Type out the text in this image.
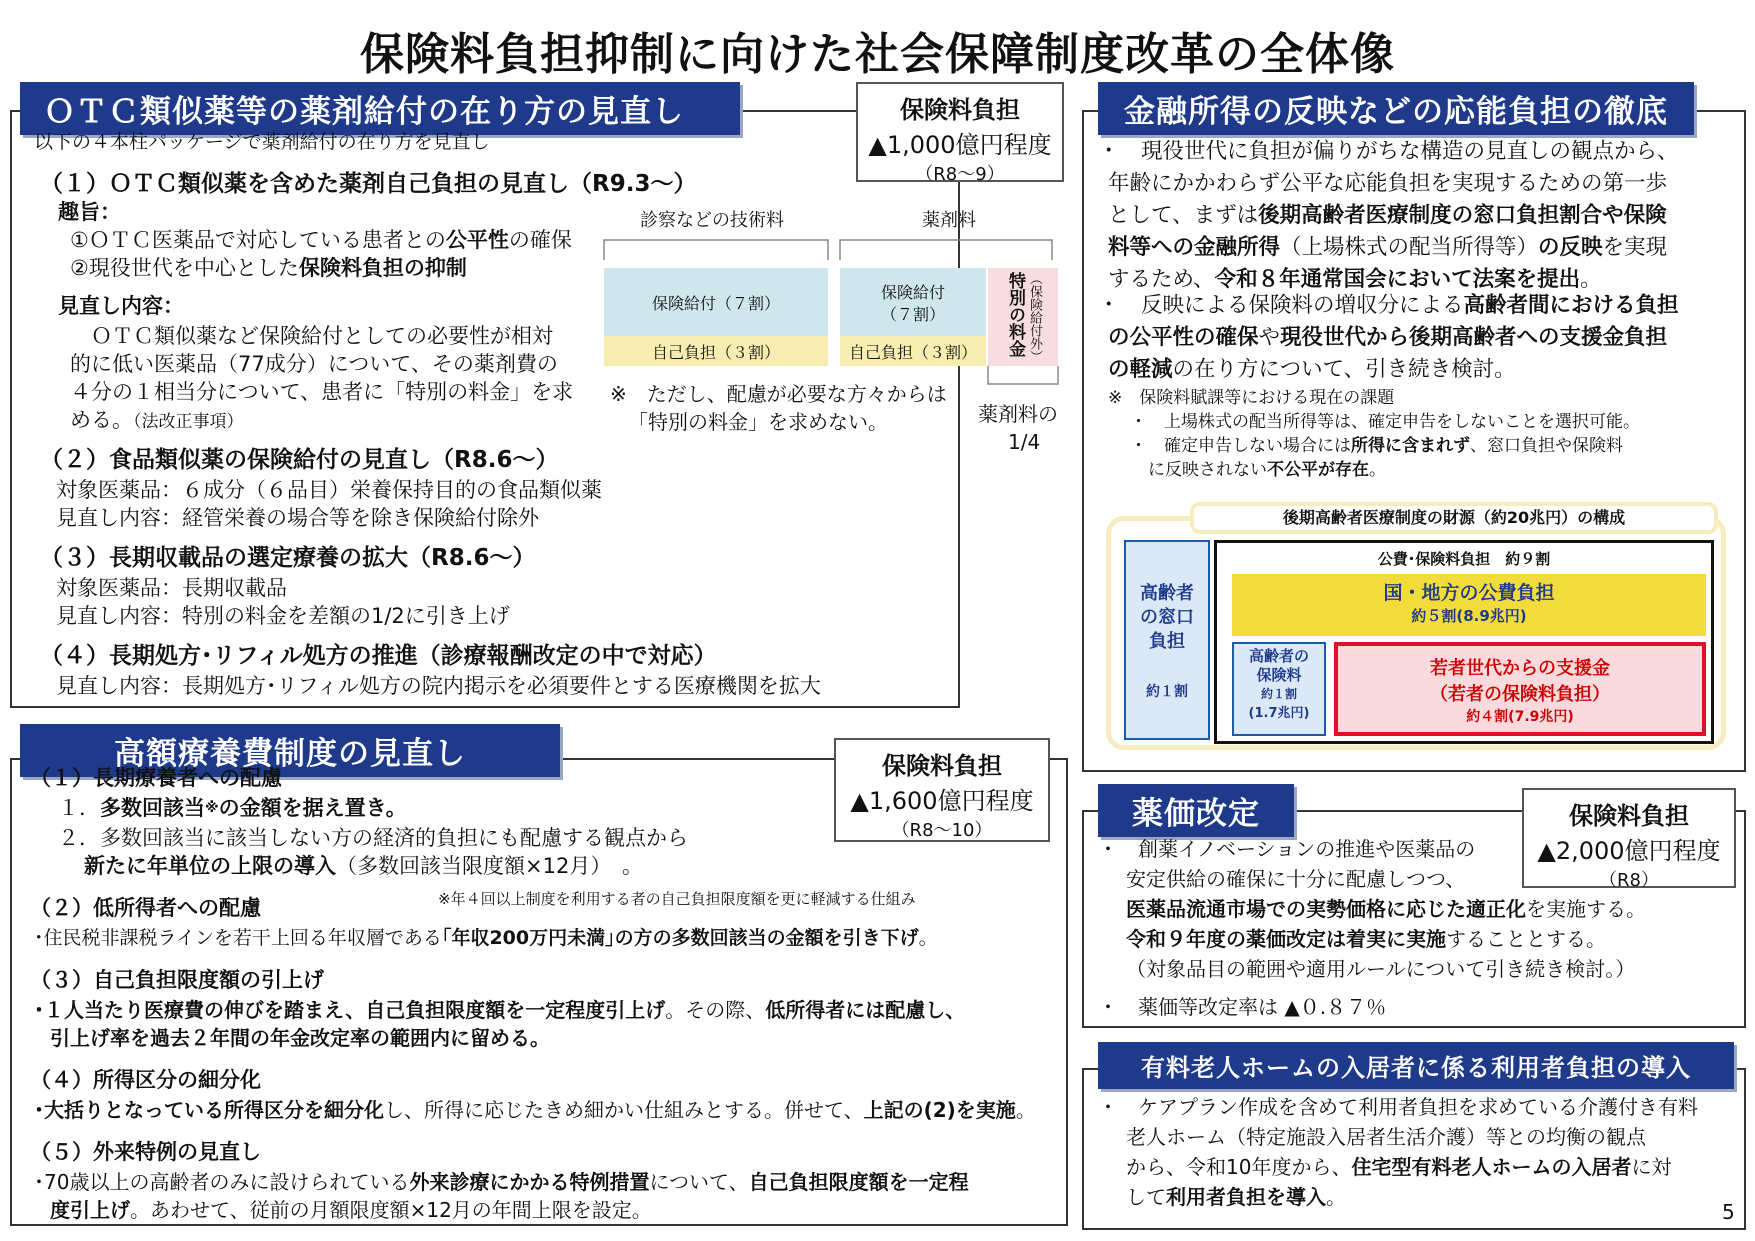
保険料負担抑制に向けた社会保障制度改革の全体像
ＯＴＣ類似薬等の薬剤給付の在り方の見直し	保険料負担
▲1,000億円程度
（R8～9）
以下の４本柱パッケージで薬剤給付の在り方を見直し
（１）ＯＴＣ類似薬を含めた薬剤自己負担の見直し（R9.3～）
趣旨：
①ＯＴＣ医薬品で対応している患者との公平性の確保
②現役世代を中心とした保険料負担の抑制
見直し内容：
　ＯＴＣ類似薬など保険給付としての必要性が相対
的に低い医薬品（77成分）について、その薬剤費の
４分の１相当分について、患者に「特別の料金」を求
める。（法改正事項）
診察などの技術料	薬剤料
保険給付（７割）
自己負担（３割）
保険給付
（７割）
自己負担（３割）	特別の料金 （保険給付外）
※　ただし、配慮が必要な方々からは
「特別の料金」を求めない。	薬剤料の
1/4
（２）食品類似薬の保険給付の見直し（R8.6～）
対象医薬品：６成分（６品目）栄養保持目的の食品類似薬
見直し内容：経管栄養の場合等を除き保険給付除外
（３）長期収載品の選定療養の拡大（R8.6～）
対象医薬品：長期収載品
見直し内容：特別の料金を差額の1/2に引き上げ
（４）長期処方･リフィル処方の推進（診療報酬改定の中で対応）
見直し内容：長期処方･リフィル処方の院内掲示を必須要件とする医療機関を拡大
高額療養費制度の見直し	保険料負担
▲1,600億円程度
（R8～10）
（１）長期療養者への配慮
１．多数回該当※の金額を据え置き。
２．多数回該当に該当しない方の経済的負担にも配慮する観点から
新たに年単位の上限の導入（多数回該当限度額×12月）　。
（２）低所得者への配慮	※年４回以上制度を利用する者の自己負担限度額を更に軽減する仕組み
･住民税非課税ラインを若干上回る年収層である｢年収200万円未満｣の方の多数回該当の金額を引き下げ。
（３）自己負担限度額の引上げ
･１人当たり医療費の伸びを踏まえ、自己負担限度額を一定程度引上げ。その際、低所得者には配慮し、
引上げ率を過去２年間の年金改定率の範囲内に留める。
（４）所得区分の細分化
･大括りとなっている所得区分を細分化し、所得に応じたきめ細かい仕組みとする。併せて、上記の(2)を実施。
（５）外来特例の見直し
･70歳以上の高齢者のみに設けられている外来診療にかかる特例措置について、自己負担限度額を一定程
度引上げ。あわせて、従前の月額限度額×12月の年間上限を設定。
金融所得の反映などの応能負担の徹底
・　現役世代に負担が偏りがちな構造の見直しの観点から、
年齢にかかわらず公平な応能負担を実現するための第一歩
として、まずは後期高齢者医療制度の窓口負担割合や保険
料等への金融所得（上場株式の配当所得等）の反映を実現
するため、令和８年通常国会において法案を提出。
・　反映による保険料の増収分による高齢者間における負担
の公平性の確保や現役世代から後期高齢者への支援金負担
の軽減の在り方について、引き続き検討。
※　保険料賦課等における現在の課題
・　上場株式の配当所得等は、確定申告をしないことを選択可能。
・　確定申告しない場合には所得に含まれず、窓口負担や保険料
に反映されない不公平が存在。
後期高齢者医療制度の財源（約20兆円）の構成
高齢者
の窓口
負担
約１割
公費･保険料負担　約９割
国・地方の公費負担
約５割(8.9兆円)
高齢者の
保険料
約１割
(1.7兆円)
若者世代からの支援金
（若者の保険料負担）
約４割(7.9兆円)
薬価改定	保険料負担
▲2,000億円程度
（R8）
・　創薬イノベーションの推進や医薬品の
安定供給の確保に十分に配慮しつつ、
医薬品流通市場での実勢価格に応じた適正化を実施する。
令和９年度の薬価改定は着実に実施することとする。
（対象品目の範囲や適用ルールについて引き続き検討。）
・　薬価等改定率は ▲０.８７％
有料老人ホームの入居者に係る利用者負担の導入
・　ケアプラン作成を含めて利用者負担を求めている介護付き有料
老人ホーム（特定施設入居者生活介護）等との均衡の観点
から、令和10年度から、住宅型有料老人ホームの入居者に対
して利用者負担を導入。
5
